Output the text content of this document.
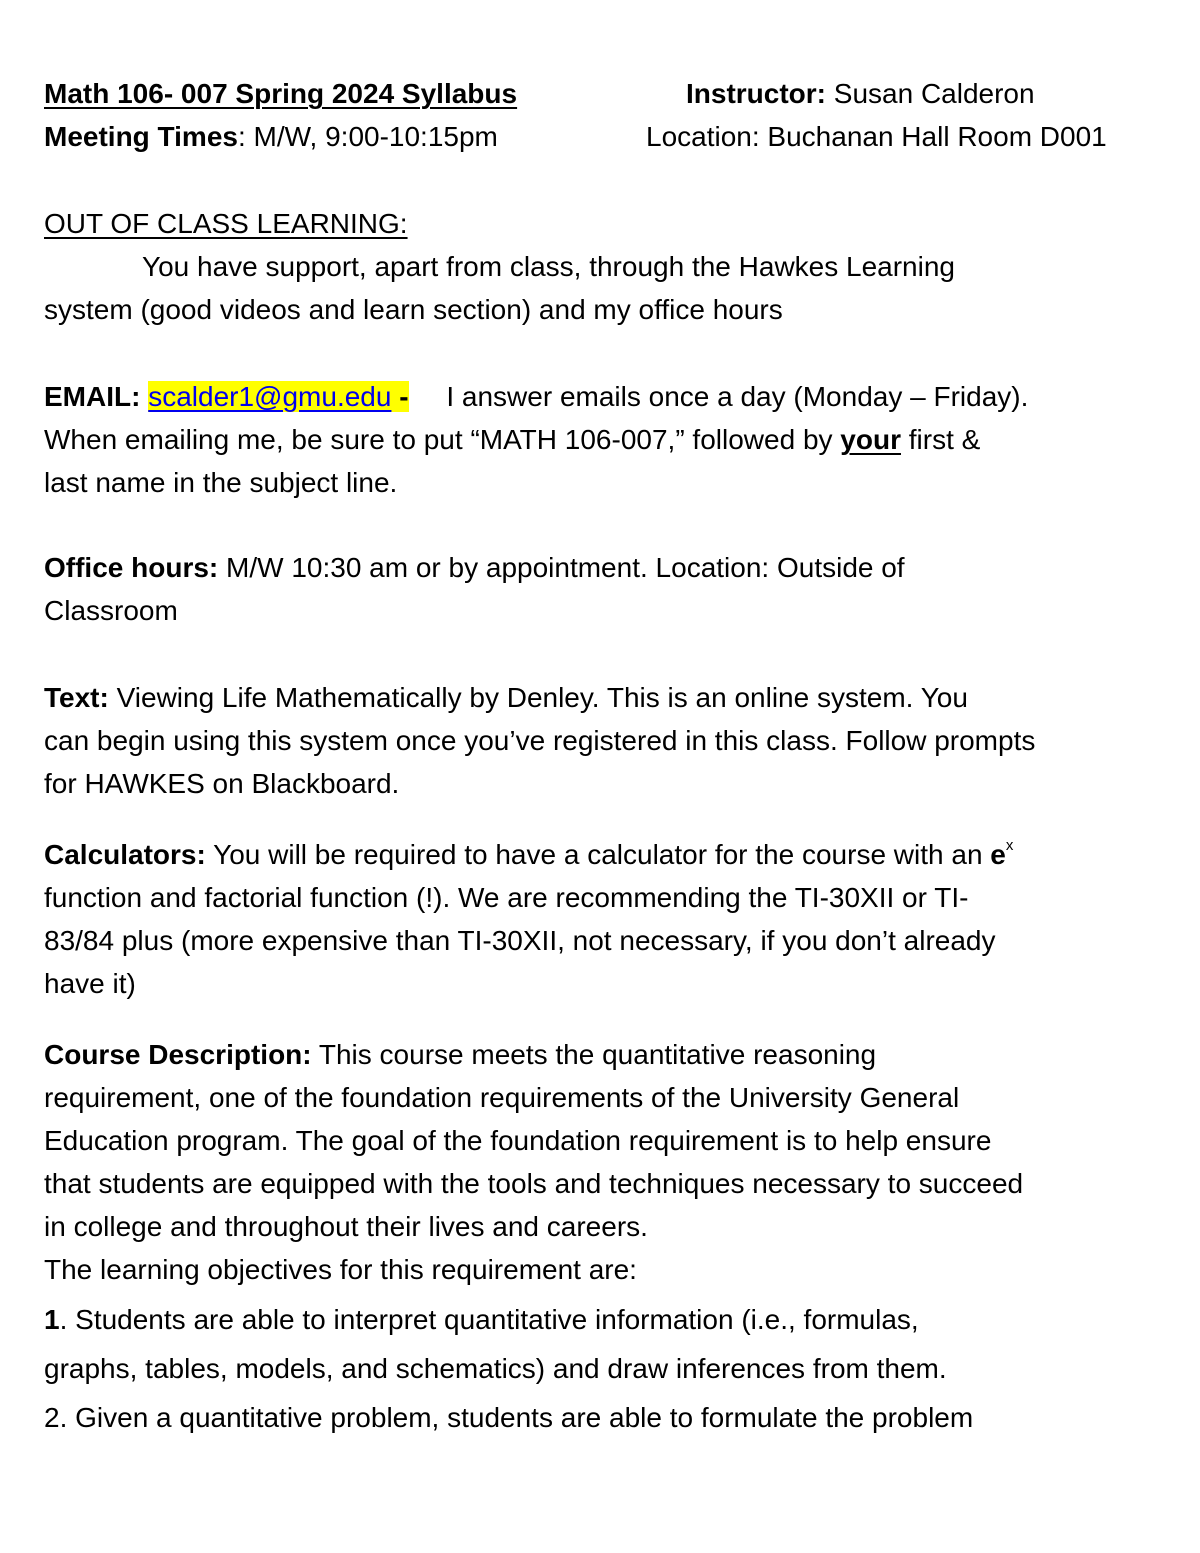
Math 106- 007 Spring 2024 Syllabus	Instructor: Susan Calderon
Meeting Times: M/W, 9:00-10:15pm	Location: Buchanan Hall Room D001
OUT OF CLASS LEARNING:
You have support, apart from class, through the Hawkes Learning
system (good videos and learn section) and my office hours
EMAIL: scalder1@gmu.edu - I answer emails once a day (Monday – Friday).
When emailing me, be sure to put “MATH 106-007,” followed by your first &
last name in the subject line.
Office hours: M/W 10:30 am or by appointment. Location: Outside of
Classroom
Text: Viewing Life Mathematically by Denley. This is an online system. You
can begin using this system once you’ve registered in this class. Follow prompts
for HAWKES on Blackboard.
Calculators: You will be required to have a calculator for the course with an $e^x$
function and factorial function (!). We are recommending the TI-30XII or TI-
83/84 plus (more expensive than TI-30XII, not necessary, if you don’t already
have it)
Course Description: This course meets the quantitative reasoning
requirement, one of the foundation requirements of the University General
Education program. The goal of the foundation requirement is to help ensure
that students are equipped with the tools and techniques necessary to succeed
in college and throughout their lives and careers.
The learning objectives for this requirement are:
1. Students are able to interpret quantitative information (i.e., formulas,
graphs, tables, models, and schematics) and draw inferences from them.
2. Given a quantitative problem, students are able to formulate the problem
